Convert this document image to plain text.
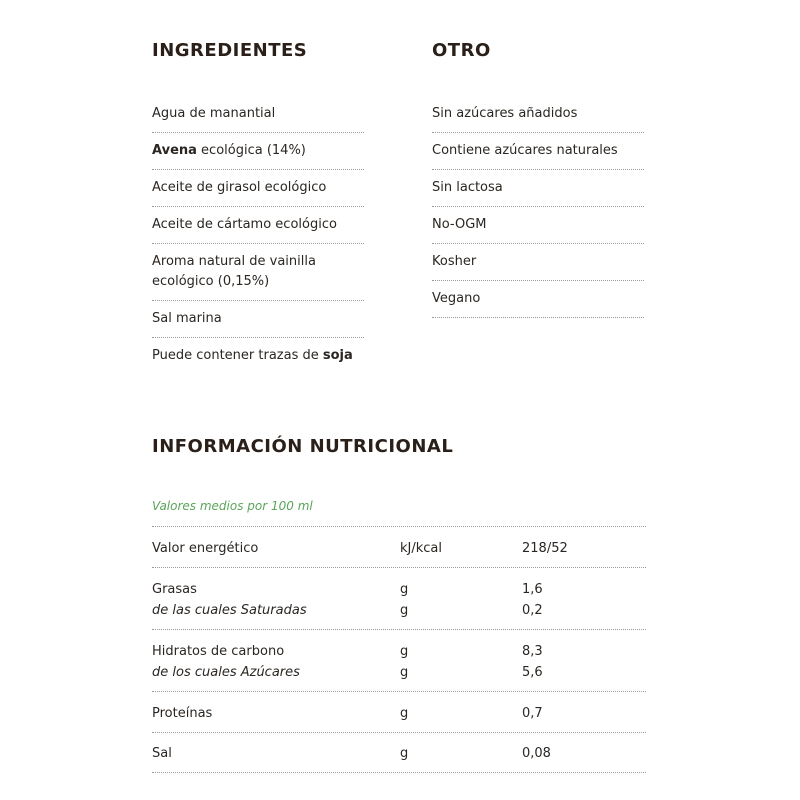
INGREDIENTES
Agua de manantial
Avena ecológica (14%)
Aceite de girasol ecológico
Aceite de cártamo ecológico
Aroma natural de vainilla ecológico (0,15%)
Sal marina
Puede contener trazas de soja
OTRO
Sin azúcares añadidos
Contiene azúcares naturales
Sin lactosa
No-OGM
Kosher
Vegano
INFORMACIÓN NUTRICIONAL
Valores medios por 100 ml
Valor energético	kJ/kcal	218/52
Grasas	g	1,6
de las cuales Saturadas	g	0,2
Hidratos de carbono	g	8,3
de los cuales Azúcares	g	5,6
Proteínas	g	0,7
Sal	g	0,08
